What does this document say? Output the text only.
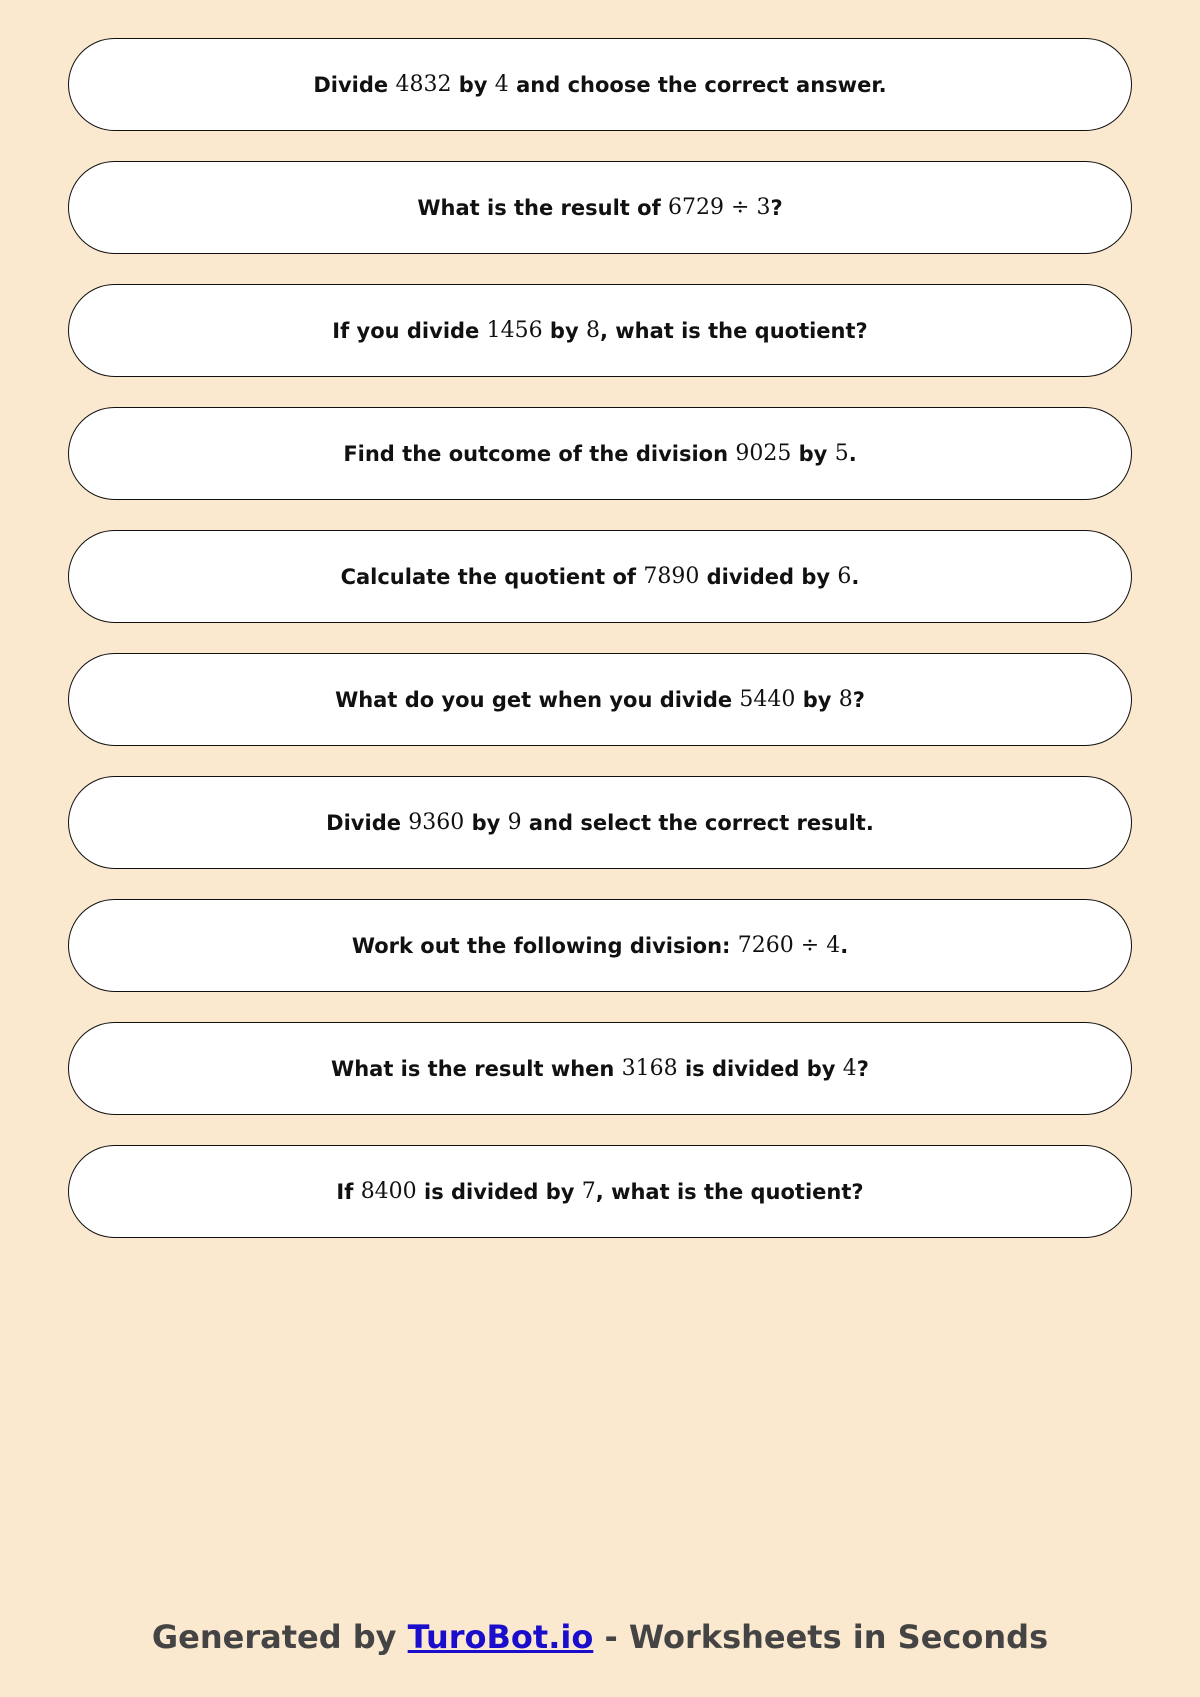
Divide 4832 by 4 and choose the correct answer.
What is the result of 6729 ÷ 3 ?
If you divide 1456 by 8 , what is the quotient?
Find the outcome of the division 9025 by 5 .
Calculate the quotient of 7890 divided by 6 .
What do you get when you divide 5440 by 8 ?
Divide 9360 by 9 and select the correct result.
Work out the following division: 7260 ÷ 4 .
What is the result when 3168 is divided by 4 ?
If 8400 is divided by 7 , what is the quotient?
Generated by TuroBot.io - Worksheets in Seconds
